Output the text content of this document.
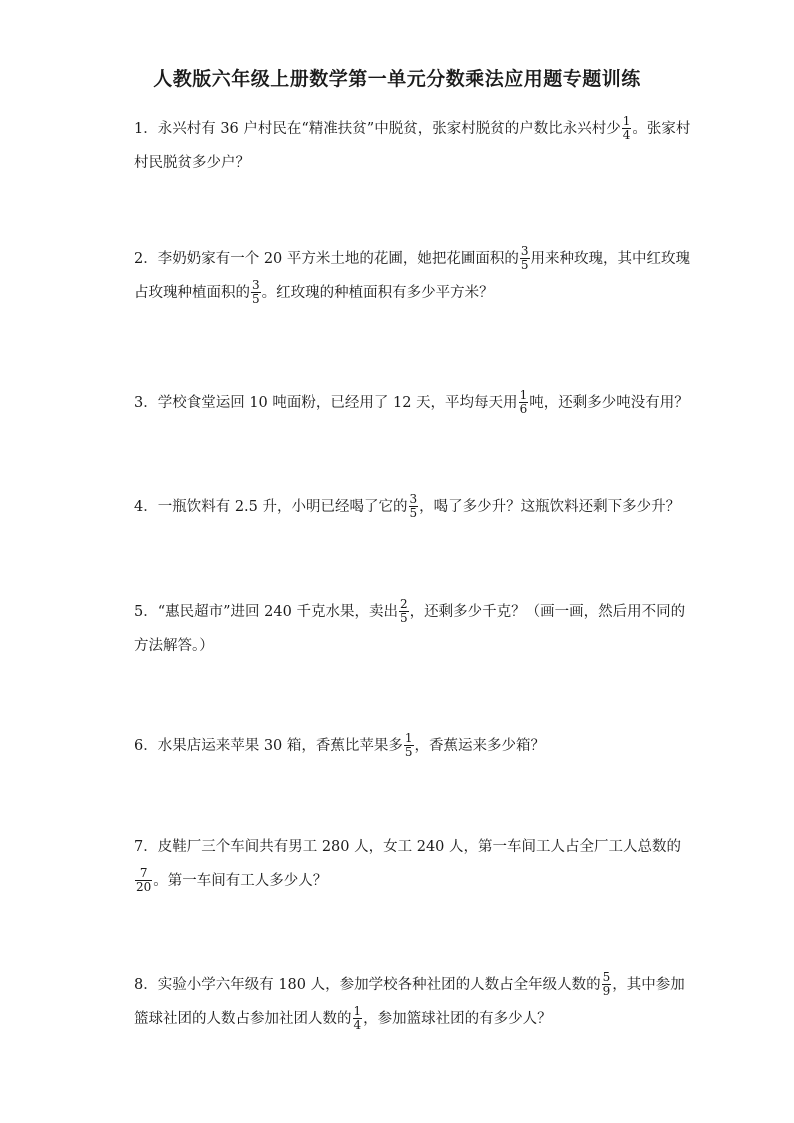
人教版六年级上册数学第一单元分数乘法应用题专题训练
1．永兴村有 36 户村民在“精准扶贫”中脱贫，张家村脱贫的户数比永兴村少 $\frac{1}{4}$ 。张家村
村民脱贫多少户？
2．李奶奶家有一个 20 平方米土地的花圃，她把花圃面积的 $\frac{3}{5}$ 用来种玫瑰，其中红玫瑰
占玫瑰种植面积的 $\frac{3}{5}$ 。红玫瑰的种植面积有多少平方米？
3．学校食堂运回 10 吨面粉，已经用了 12 天，平均每天用 $\frac{1}{6}$ 吨，还剩多少吨没有用？
4．一瓶饮料有 2.5 升，小明已经喝了它的 $\frac{3}{5}$ ，喝了多少升？这瓶饮料还剩下多少升？
5．“惠民超市”进回 240 千克水果，卖出 $\frac{2}{5}$ ，还剩多少千克？（画一画，然后用不同的
方法解答。）
6．水果店运来苹果 30 箱，香蕉比苹果多 $\frac{1}{5}$ ，香蕉运来多少箱？
7．皮鞋厂三个车间共有男工 280 人，女工 240 人，第一车间工人占全厂工人总数的
$\frac{7}{20}$ 。第一车间有工人多少人？
8．实验小学六年级有 180 人，参加学校各种社团的人数占全年级人数的 $\frac{5}{9}$ ，其中参加
篮球社团的人数占参加社团人数的 $\frac{1}{4}$ ，参加篮球社团的有多少人？
